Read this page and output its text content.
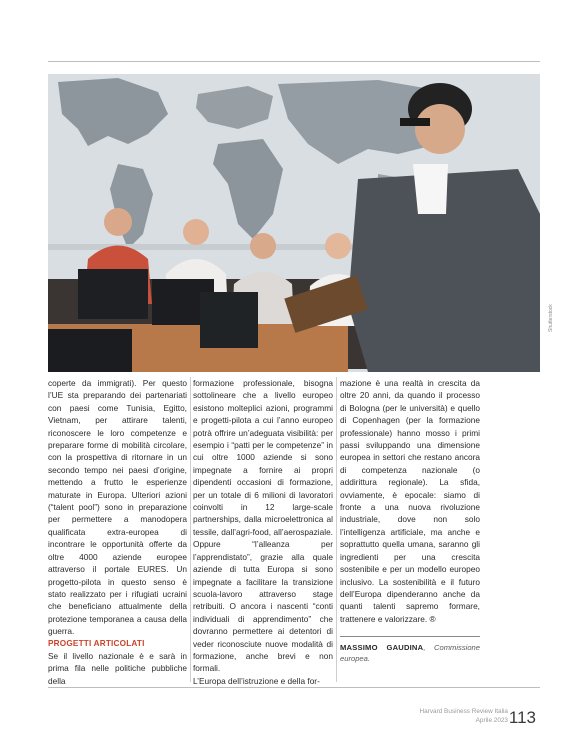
Shutterstock

coperte da immigrati). Per questo l’UE sta preparando dei partenariati con paesi come Tunisia, Egitto, Vietnam, per attirare talenti, riconoscere le loro competenze e preparare forme di mobilità circolare, con la prospettiva di ritornare in un secondo tempo nei paesi d’origine, mettendo a frutto le esperienze maturate in Europa. Ulteriori azioni (“talent pool”) sono in preparazione per permettere a manodopera qualificata extra-europea di incontrare le opportunità offerte da oltre 4000 aziende europee attraverso il portale EURES. Un progetto-pilota in questo senso è stato realizzato per i rifugiati ucraini che beneficiano attualmente della protezione temporanea a causa della guerra.

PROGETTI ARTICOLATI

Se il livello nazionale è e sarà in prima fila nelle politiche pubbliche della

formazione professionale, bisogna sottolineare che a livello europeo esistono molteplici azioni, programmi e progetti-pilota a cui l’anno europeo potrà offrire un’adeguata visibilità: per esempio i “patti per le competenze” in cui oltre 1000 aziende si sono impegnate a fornire ai propri dipendenti occasioni di formazione, per un totale di 6 milioni di lavoratori coinvolti in 12 large-scale partnerships, dalla microelettronica al tessile, dall’agri-food, all’aerospaziale. Oppure “l’alleanza per l’apprendistato”, grazie alla quale aziende di tutta Europa si sono impegnate a facilitare la transizione scuola-lavoro attraverso stage retribuiti. O ancora i nascenti “conti individuali di apprendimento” che dovranno permettere ai detentori di veder riconosciute nuove modalità di formazione, anche brevi e non formali.

L’Europa dell’istruzione e della for-

mazione è una realtà in crescita da oltre 20 anni, da quando il processo di Bologna (per le università) e quello di Copenhagen (per la formazione professionale) hanno mosso i primi passi sviluppando una dimensione europea in settori che restano ancora di competenza nazionale (o addirittura regionale). La sfida, ovviamente, è epocale: siamo di fronte a una nuova rivoluzione industriale, dove non solo l’intelligenza artificiale, ma anche e soprattutto quella umana, saranno gli ingredienti per una crescita sostenibile e per un modello europeo inclusivo. La sostenibilità e il futuro dell’Europa dipenderanno anche da quanti talenti sapremo formare, trattenere e valorizzare. ®

MASSIMO GAUDINA, Commissione europea.

Harvard Business Review Italia
Aprile 2023 113
